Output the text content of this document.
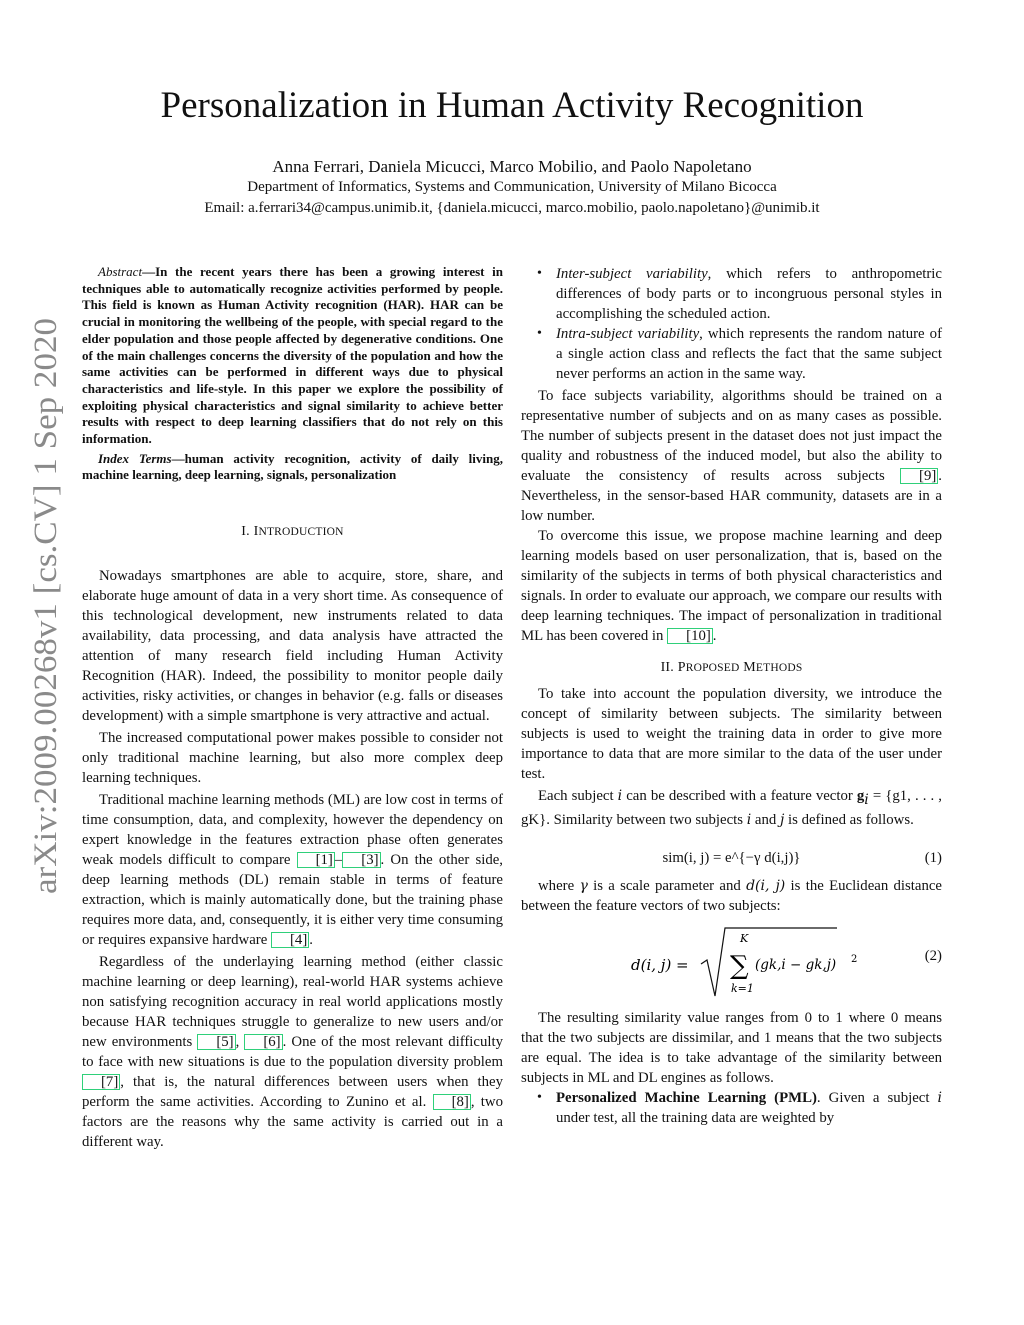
arXiv:2009.00268v1 [cs.CV] 1 Sep 2020
Personalization in Human Activity Recognition
Anna Ferrari, Daniela Micucci, Marco Mobilio, and Paolo Napoletano
Department of Informatics, Systems and Communication, University of Milano Bicocca
Email: a.ferrari34@campus.unimib.it, {daniela.micucci, marco.mobilio, paolo.napoletano}@unimib.it

Abstract—In the recent years there has been a growing interest in techniques able to automatically recognize activities performed by people. This field is known as Human Activity recognition (HAR). HAR can be crucial in monitoring the wellbeing of the people, with special regard to the elder population and those people affected by degenerative conditions. One of the main challenges concerns the diversity of the population and how the same activities can be performed in different ways due to physical characteristics and life-style. In this paper we explore the possibility of exploiting physical characteristics and signal similarity to achieve better results with respect to deep learning classifiers that do not rely on this information.

Index Terms—human activity recognition, activity of daily living, machine learning, deep learning, signals, personalization

I. INTRODUCTION

Nowadays smartphones are able to acquire, store, share, and elaborate huge amount of data in a very short time. As consequence of this technological development, new instruments related to data availability, data processing, and data analysis have attracted the attention of many research field including Human Activity Recognition (HAR). Indeed, the possibility to monitor people daily activities, risky activities, or changes in behavior (e.g. falls or diseases development) with a simple smartphone is very attractive and actual.

The increased computational power makes possible to consider not only traditional machine learning, but also more complex deep learning techniques.

Traditional machine learning methods (ML) are low cost in terms of time consumption, data, and complexity, however the dependency on expert knowledge in the features extraction phase often generates weak models difficult to compare [1] – [3] . On the other side, deep learning methods (DL) remain stable in terms of feature extraction, which is mainly automatically done, but the training phase requires more data, and, consequently, it is either very time consuming or requires expansive hardware [4] .

Regardless of the underlaying learning method (either classic machine learning or deep learning), real-world HAR systems achieve non satisfying recognition accuracy in real world applications mostly because HAR techniques struggle to generalize to new users and/or new environments [5] , [6] . One of the most relevant difficulty to face with new situations is due to the population diversity problem [7] , that is, the natural differences between users when they perform the same activities. According to Zunino et al. [8] , two factors are the reasons why the same activity is carried out in a different way.

• Inter-subject variability, which refers to anthropometric differences of body parts or to incongruous personal styles in accomplishing the scheduled action.
• Intra-subject variability, which represents the random nature of a single action class and reflects the fact that the same subject never performs an action in the same way.

To face subjects variability, algorithms should be trained on a representative number of subjects and on as many cases as possible. The number of subjects present in the dataset does not just impact the quality and robustness of the induced model, but also the ability to evaluate the consistency of results across subjects [9] . Nevertheless, in the sensor-based HAR community, datasets are in a low number.

To overcome this issue, we propose machine learning and deep learning models based on user personalization, that is, based on the similarity of the subjects in terms of both physical characteristics and signals. In order to evaluate our approach, we compare our results with deep learning techniques. The impact of personalization in traditional ML has been covered in [10] .

II. PROPOSED METHODS

To take into account the population diversity, we introduce the concept of similarity between subjects. The similarity between subjects is used to weight the training data in order to give more importance to data that are more similar to the data of the user under test.

Each subject i can be described with a feature vector $g_i = \{g1$, . . . , gK}. Similarity between two subjects i and j is defined as follows.

sim(i, j) = e^{−γ d(i,j)}	(1)

where γ is a scale parameter and d(i, j) is the Euclidean distance between the feature vectors of two subjects:

d(i, j) =
K
∑
k=1
(gk,i − gk,j) 2	(2)

The resulting similarity value ranges from 0 to 1 where 0 means that the two subjects are dissimilar, and 1 means that the two subjects are equal. The idea is to take advantage of the similarity between subjects in ML and DL engines as follows.

• Personalized Machine Learning (PML). Given a subject i under test, all the training data are weighted by
